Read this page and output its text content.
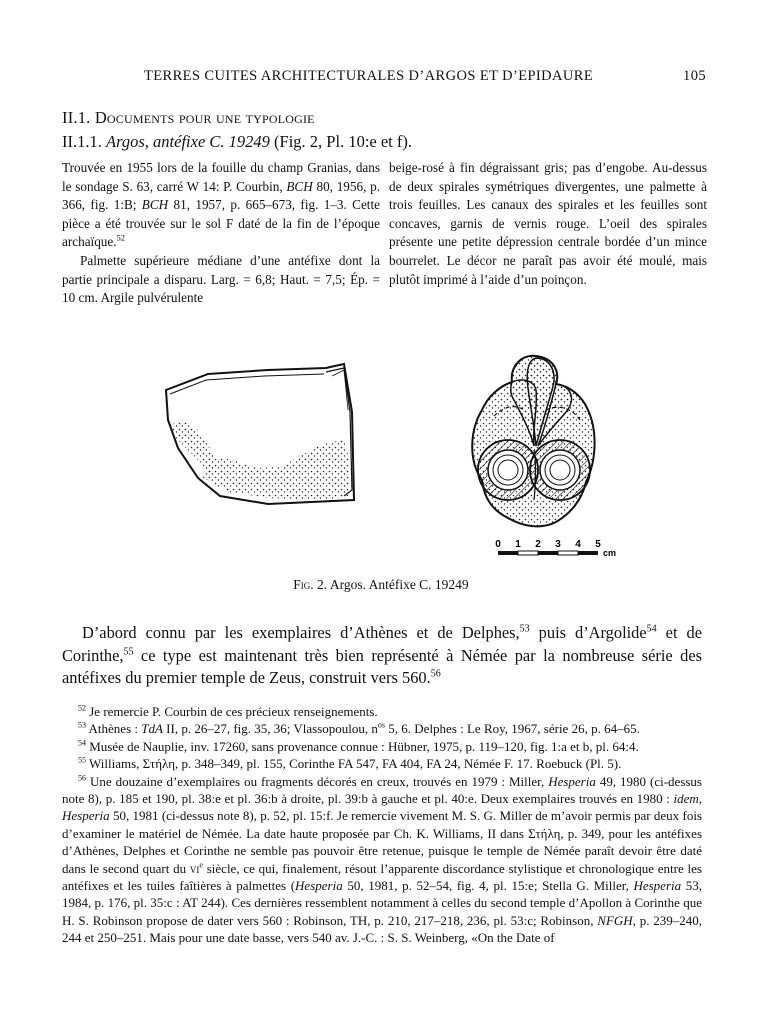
TERRES CUITES ARCHITECTURALES D’ARGOS ET D’EPIDAURE	105
II.1. Documents pour une typologie
II.1.1. Argos, antéfixe C. 19249 (Fig. 2, Pl. 10:e et f).

Trouvée en 1955 lors de la fouille du champ Granias, dans le sondage S. 63, carré W 14: P. Courbin, BCH 80, 1956, p. 366, fig. 1:B; BCH 81, 1957, p. 665–673, fig. 1–3. Cette pièce a été trouvée sur le sol F daté de la fin de l’époque archaïque.$^{52}$

Palmette supérieure médiane d’une antéfixe dont la partie principale a disparu. Larg. = 6,8; Haut. = 7,5; Ép. = 10 cm. Argile pulvérulente

beige-rosé à fin dégraissant gris; pas d’engobe. Au-dessus de deux spirales symétriques divergentes, une palmette à trois feuilles. Les canaux des spirales et les feuilles sont concaves, garnis de vernis rouge. L’oeil des spirales présente une petite dépression centrale bordée d’un mince bourrelet. Le décor ne paraît pas avoir été moulé, mais plutôt imprimé à l’aide d’un poinçon.

0 1 2 3 4 5
cm
Fig. 2. Argos. Antéfixe C. 19249

D’abord connu par les exemplaires d’Athènes et de Delphes,$^{53}$ puis d’Argolide$^{54}$ et de Corinthe,$^{55}$ ce type est maintenant très bien représenté à Némée par la nombreuse série des antéfixes du premier temple de Zeus, construit vers 560.56

$^{52}$ Je remercie P. Courbin de ces précieux renseignements.

$^{53}$ Athènes : TdA II, p. 26–27, fig. 35, 36; Vlassopoulou, $n^{os}$ 5, 6. Delphes : Le Roy, 1967, série 26, p. 64–65.

$^{54}$ Musée de Nauplie, inv. 17260, sans provenance connue : Hübner, 1975, p. 119–120, fig. 1:a et b, pl. 64:4.

$^{55}$ Williams, Στήλη, p. 348–349, pl. 155, Corinthe FA 547, FA 404, FA 24, Némée F. 17. Roebuck (Pl. 5).

$^{56}$ Une douzaine d’exemplaires ou fragments décorés en creux, trouvés en 1979 : Miller, Hesperia 49, 1980 (ci-dessus note 8), p. 185 et 190, pl. 38:e et pl. 36:b à droite, pl. 39:b à gauche et pl. 40:e. Deux exemplaires trouvés en 1980 : idem, Hesperia 50, 1981 (ci-dessus note 8), p. 52, pl. 15:f. Je remercie vivement M. S. G. Miller de m’avoir permis par deux fois d’examiner le matériel de Némée. La date haute proposée par Ch. K. Williams, II dans Στήλη, p. 349, pour les antéfixes d’Athènes, Delphes et Corinthe ne semble pas pouvoir être retenue, puisque le temple de Némée paraît devoir être daté dans le second quart du $vi^e$ siècle, ce qui, finalement, résout l’apparente discordance stylistique et chronologique entre les antéfixes et les tuiles faîtières à palmettes (Hesperia 50, 1981, p. 52–54, fig. 4, pl. 15:e; Stella G. Miller, Hesperia 53, 1984, p. 176, pl. 35:c : AT 244). Ces dernières ressemblent notamment à celles du second temple d’Apollon à Corinthe que H. S. Robinson propose de dater vers 560 : Robinson, TH, p. 210, 217–218, 236, pl. 53:c; Robinson, NFGH, p. 239–240, 244 et 250–251. Mais pour une date basse, vers 540 av. J.-C. : S. S. Weinberg, «On the Date of
